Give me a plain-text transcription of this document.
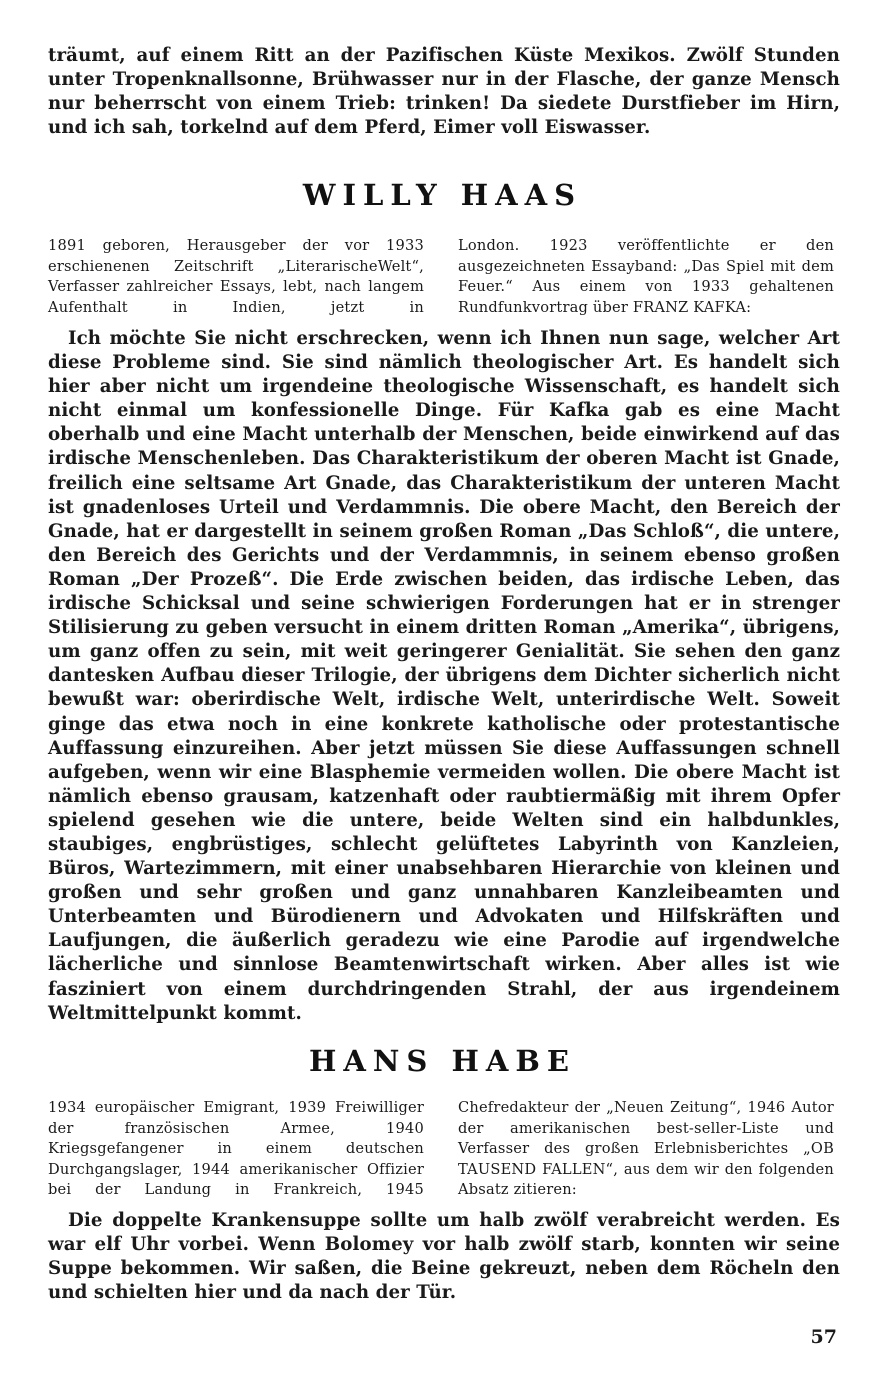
träumt, auf einem Ritt an der Pazifischen Küste Mexikos. Zwölf Stunden unter Tropenknallsonne, Brühwasser nur in der Flasche, der ganze Mensch nur beherrscht von einem Trieb: trinken! Da siedete Durstfieber im Hirn, und ich sah, torkelnd auf dem Pferd, Eimer voll Eiswasser.

WILLY HAAS

1891 geboren, Herausgeber der vor 1933 erschienenen Zeitschrift „LiterarischeWelt“, Verfasser zahlreicher Essays, lebt, nach langem Aufenthalt in Indien, jetzt in

London. 1923 veröffentlichte er den ausgezeichneten Essayband: „Das Spiel mit dem Feuer.“ Aus einem von 1933 gehaltenen Rundfunkvortrag über FRANZ KAFKA:

Ich möchte Sie nicht erschrecken, wenn ich Ihnen nun sage, welcher Art diese Probleme sind. Sie sind nämlich theologischer Art. Es handelt sich hier aber nicht um irgendeine theologische Wissenschaft, es handelt sich nicht einmal um konfessionelle Dinge. Für Kafka gab es eine Macht oberhalb und eine Macht unterhalb der Menschen, beide einwirkend auf das irdische Menschenleben. Das Charakteristikum der oberen Macht ist Gnade, freilich eine seltsame Art Gnade, das Charakteristikum der unteren Macht ist gnadenloses Urteil und Verdammnis. Die obere Macht, den Bereich der Gnade, hat er dargestellt in seinem großen Roman „Das Schloß“, die untere, den Bereich des Gerichts und der Verdammnis, in seinem ebenso großen Roman „Der Prozeß“. Die Erde zwischen beiden, das irdische Leben, das irdische Schicksal und seine schwierigen Forderungen hat er in strenger Stilisierung zu geben versucht in einem dritten Roman „Amerika“, übrigens, um ganz offen zu sein, mit weit geringerer Genialität. Sie sehen den ganz dantesken Aufbau dieser Trilogie, der übrigens dem Dichter sicherlich nicht bewußt war: oberirdische Welt, irdische Welt, unterirdische Welt. Soweit ginge das etwa noch in eine konkrete katholische oder protestantische Auffassung einzureihen. Aber jetzt müssen Sie diese Auffassungen schnell aufgeben, wenn wir eine Blasphemie vermeiden wollen. Die obere Macht ist nämlich ebenso grausam, katzenhaft oder raubtiermäßig mit ihrem Opfer spielend gesehen wie die untere, beide Welten sind ein halbdunkles, staubiges, engbrüstiges, schlecht gelüftetes Labyrinth von Kanzleien, Büros, Wartezimmern, mit einer unabsehbaren Hierarchie von kleinen und großen und sehr großen und ganz unnahbaren Kanzleibeamten und Unterbeamten und Bürodienern und Advokaten und Hilfskräften und Laufjungen, die äußerlich geradezu wie eine Parodie auf irgendwelche lächerliche und sinnlose Beamtenwirtschaft wirken. Aber alles ist wie fasziniert von einem durchdringenden Strahl, der aus irgendeinem Weltmittelpunkt kommt.

HANS HABE

1934 europäischer Emigrant, 1939 Freiwilliger der französischen Armee, 1940 Kriegsgefangener in einem deutschen Durchgangslager, 1944 amerikanischer Offizier bei der Landung in Frankreich, 1945

Chefredakteur der „Neuen Zeitung“, 1946 Autor der amerikanischen best-seller-Liste und Verfasser des großen Erlebnisberichtes „OB TAUSEND FALLEN“, aus dem wir den folgenden Absatz zitieren:

Die doppelte Krankensuppe sollte um halb zwölf verabreicht werden. Es war elf Uhr vorbei. Wenn Bolomey vor halb zwölf starb, konnten wir seine Suppe bekommen. Wir saßen, die Beine gekreuzt, neben dem Röcheln den und schielten hier und da nach der Tür.

57
